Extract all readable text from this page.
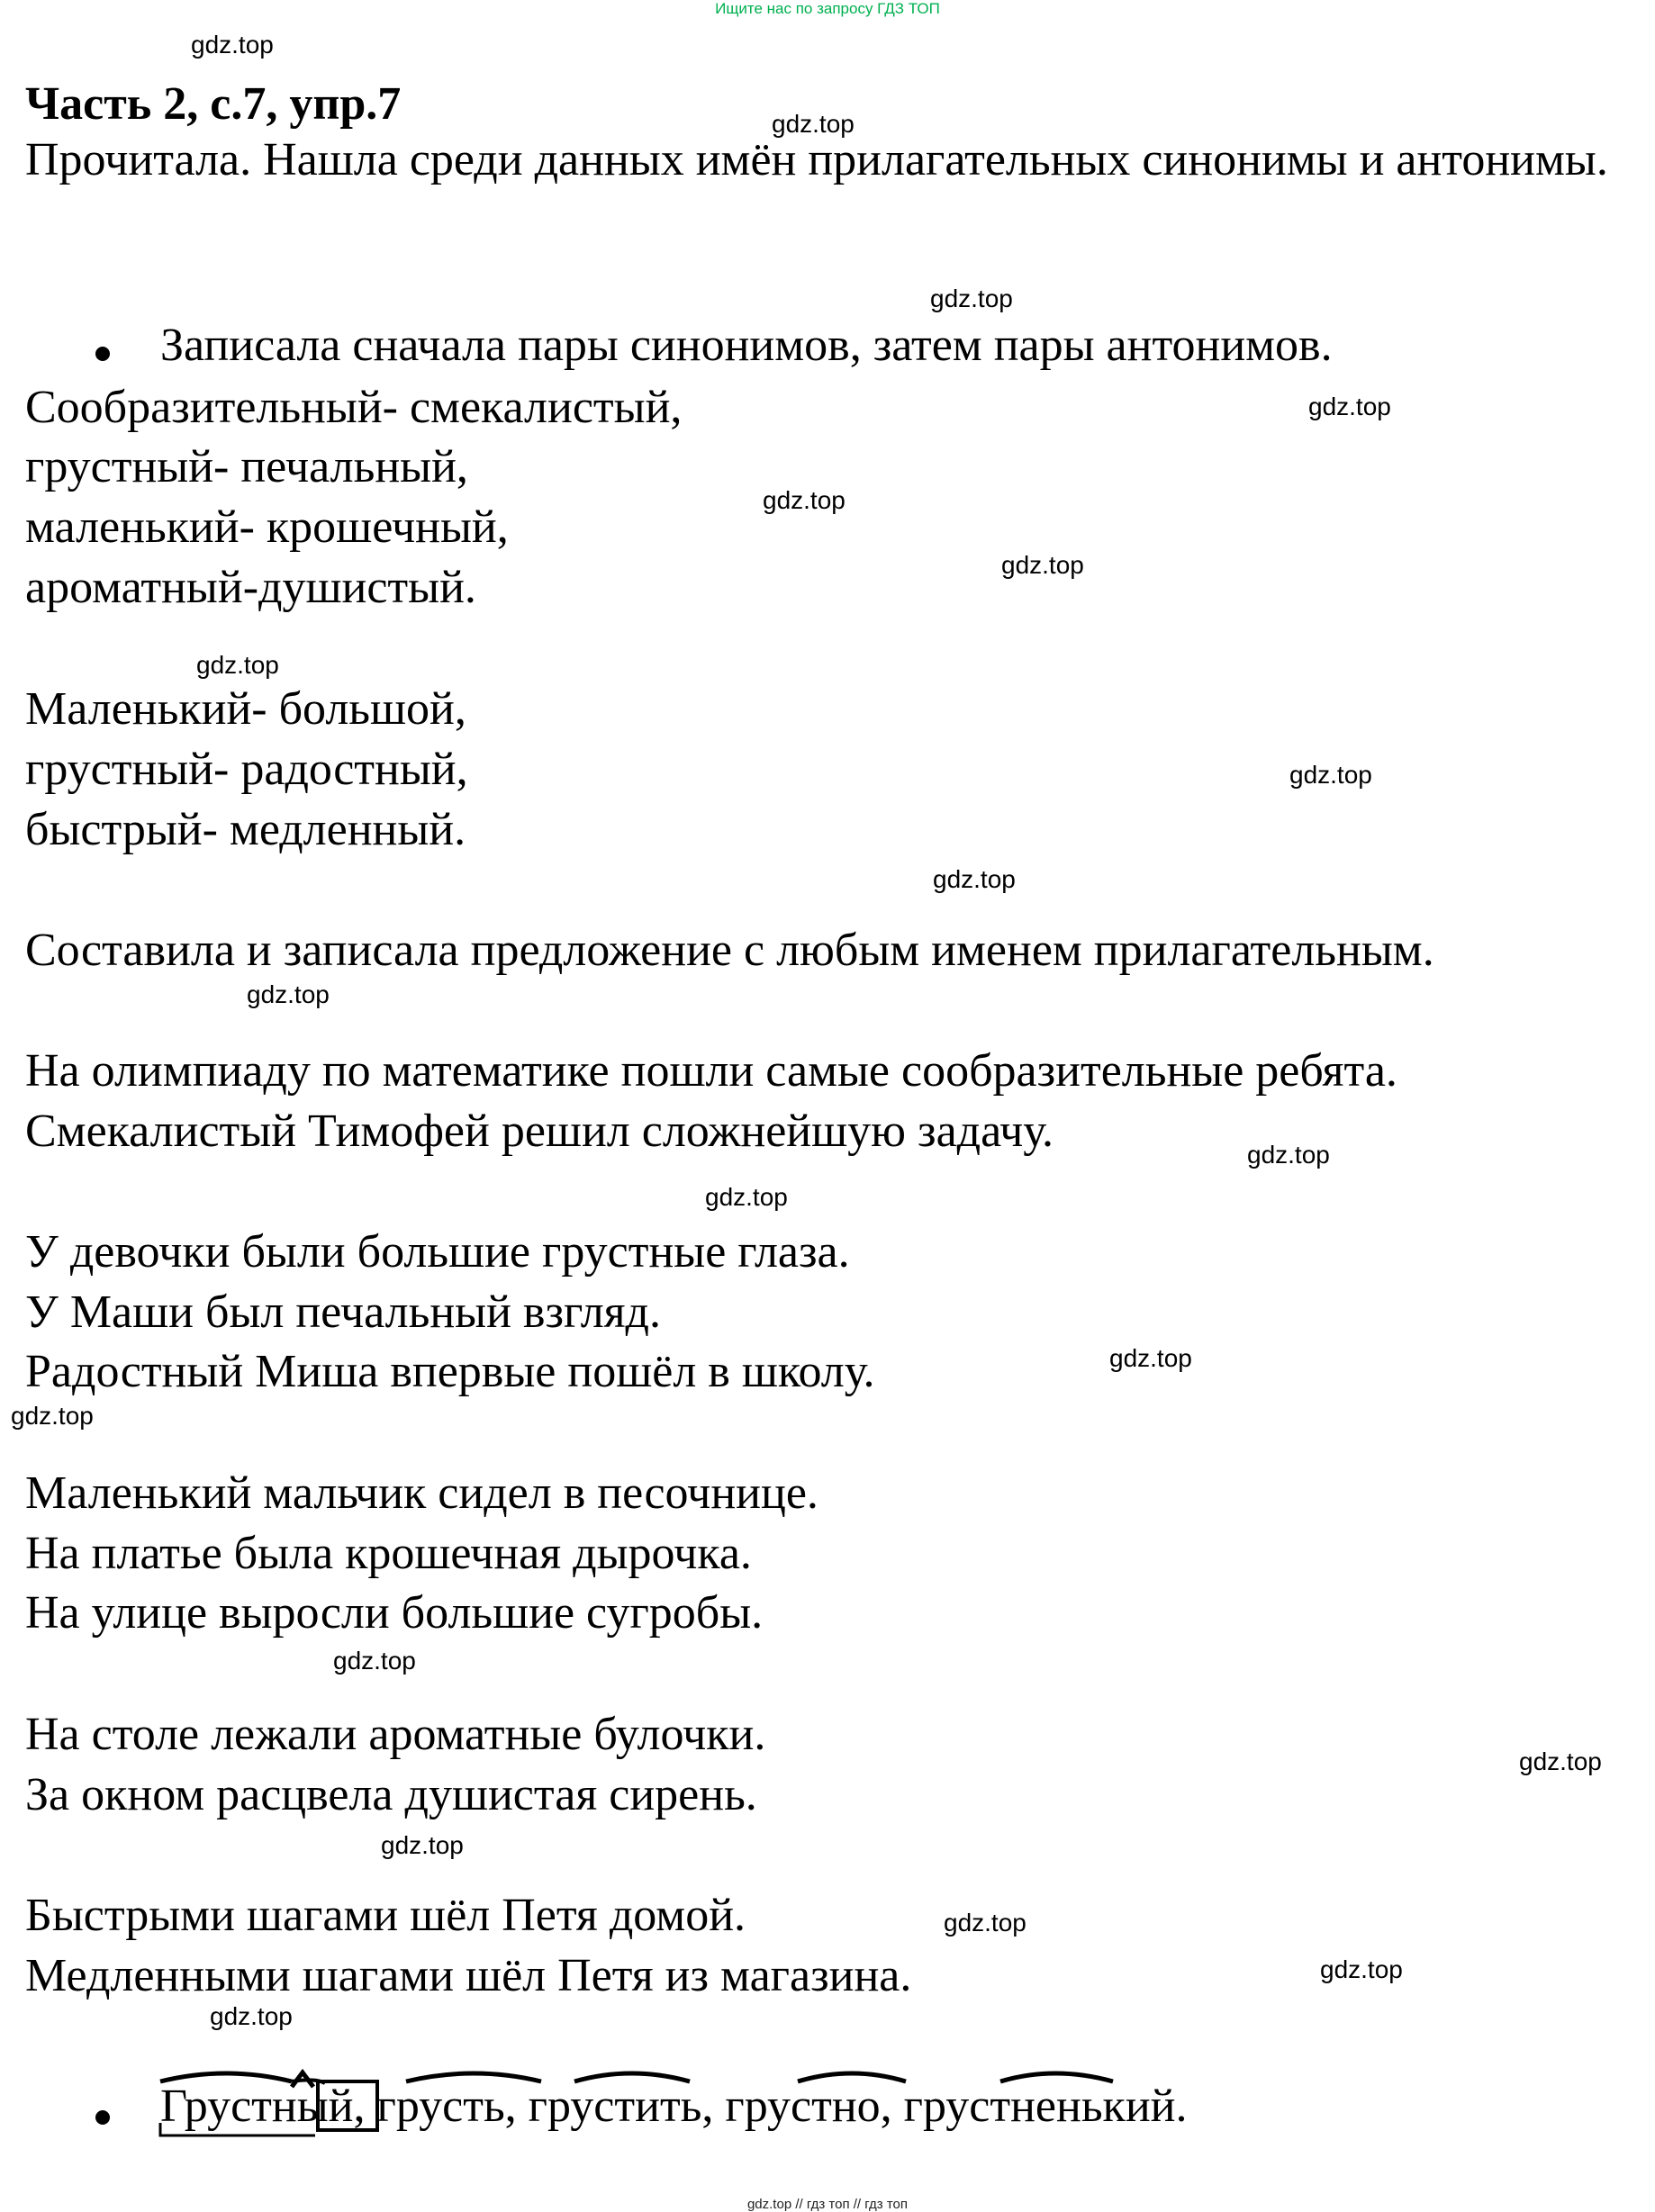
Ищите нас по запросу ГДЗ ТОП
gdz.top
gdz.top
gdz.top
gdz.top
gdz.top
gdz.top
gdz.top
gdz.top
gdz.top
gdz.top
gdz.top
gdz.top
gdz.top
gdz.top
gdz.top
gdz.top
gdz.top
gdz.top
gdz.top
gdz.top
Часть 2, с.7, упр.7
Прочитала. Нашла среди данных имён прилагательных синонимы и антонимы.
Записала сначала пары синонимов, затем пары антонимов.
Сообразительный- смекалистый,
грустный- печальный,
маленький- крошечный,
ароматный-душистый.
Маленький- большой,
грустный- радостный,
быстрый- медленный.
Составила и записала предложение с любым именем прилагательным.
На олимпиаду по математике пошли самые сообразительные ребята.
Смекалистый Тимофей решил сложнейшую задачу.
У девочки были большие грустные глаза.
У Маши был печальный взгляд.
Радостный Миша впервые пошёл в школу.
Маленький мальчик сидел в песочнице.
На платье была крошечная дырочка.
На улице выросли большие сугробы.
На столе лежали ароматные булочки.
За окном расцвела душистая сирень.
Быстрыми шагами шёл Петя домой.
Медленными шагами шёл Петя из магазина.
Грустный, грусть, грустить, грустно, грустненький.
gdz.top // гдз топ // гдз топ
